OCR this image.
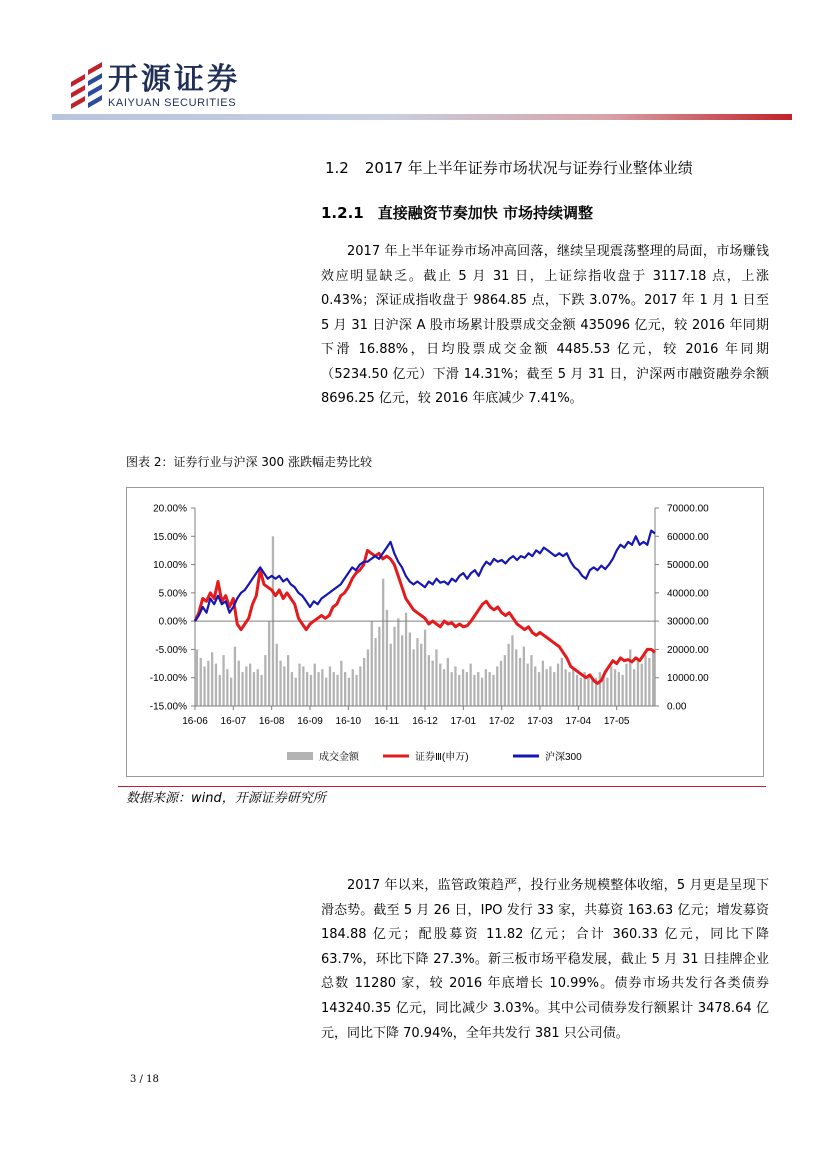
开源证券
KAIYUAN SECURITIES
1.2 2017 年上半年证券市场状况与证券行业整体业绩
1.2.1 直接融资节奏加快 市场持续调整
2017 年上半年证券市场冲高回落，继续呈现震荡整理的局面，市场赚钱效应明显缺乏。截止 5 月 31 日，上证综指收盘于 3117.18 点，上涨 0.43%；深证成指收盘于 9864.85 点，下跌 3.07%。2017 年 1 月 1 日至 5 月 31 日沪深 A 股市场累计股票成交金额 435096 亿元，较 2016 年同期下滑 16.88%，日均股票成交金额 4485.53 亿元，较 2016 年同期（5234.50 亿元）下滑 14.31%；截至 5 月 31 日，沪深两市融资融券余额 8696.25 亿元，较 2016 年底减少 7.41%。
图表 2：证券行业与沪深 300 涨跌幅走势比较
20.00%
15.00%
10.00%
5.00%
0.00%
-5.00%
-10.00%
-15.00%
70000.00
60000.00
50000.00
40000.00
30000.00
20000.00
10000.00
0.00
16-06 16-07 16-08 16-09 16-10 16-11 16-12 17-01 17-02 17-03 17-04 17-05
成交金额	证券Ⅲ(申万)	沪深300
数据来源：wind，开源证券研究所
2017 年以来，监管政策趋严，投行业务规模整体收缩，5 月更是呈现下滑态势。截至 5 月 26 日，IPO 发行 33 家，共募资 163.63 亿元；增发募资 184.88 亿元；配股募资 11.82 亿元；合计 360.33 亿元，同比下降 63.7%，环比下降 27.3%。新三板市场平稳发展，截止 5 月 31 日挂牌企业总数 11280 家，较 2016 年底增长 10.99%。债券市场共发行各类债券 143240.35 亿元，同比减少 3.03%。其中公司债券发行额累计 3478.64 亿元，同比下降 70.94%，全年共发行 381 只公司债。
3 / 18
